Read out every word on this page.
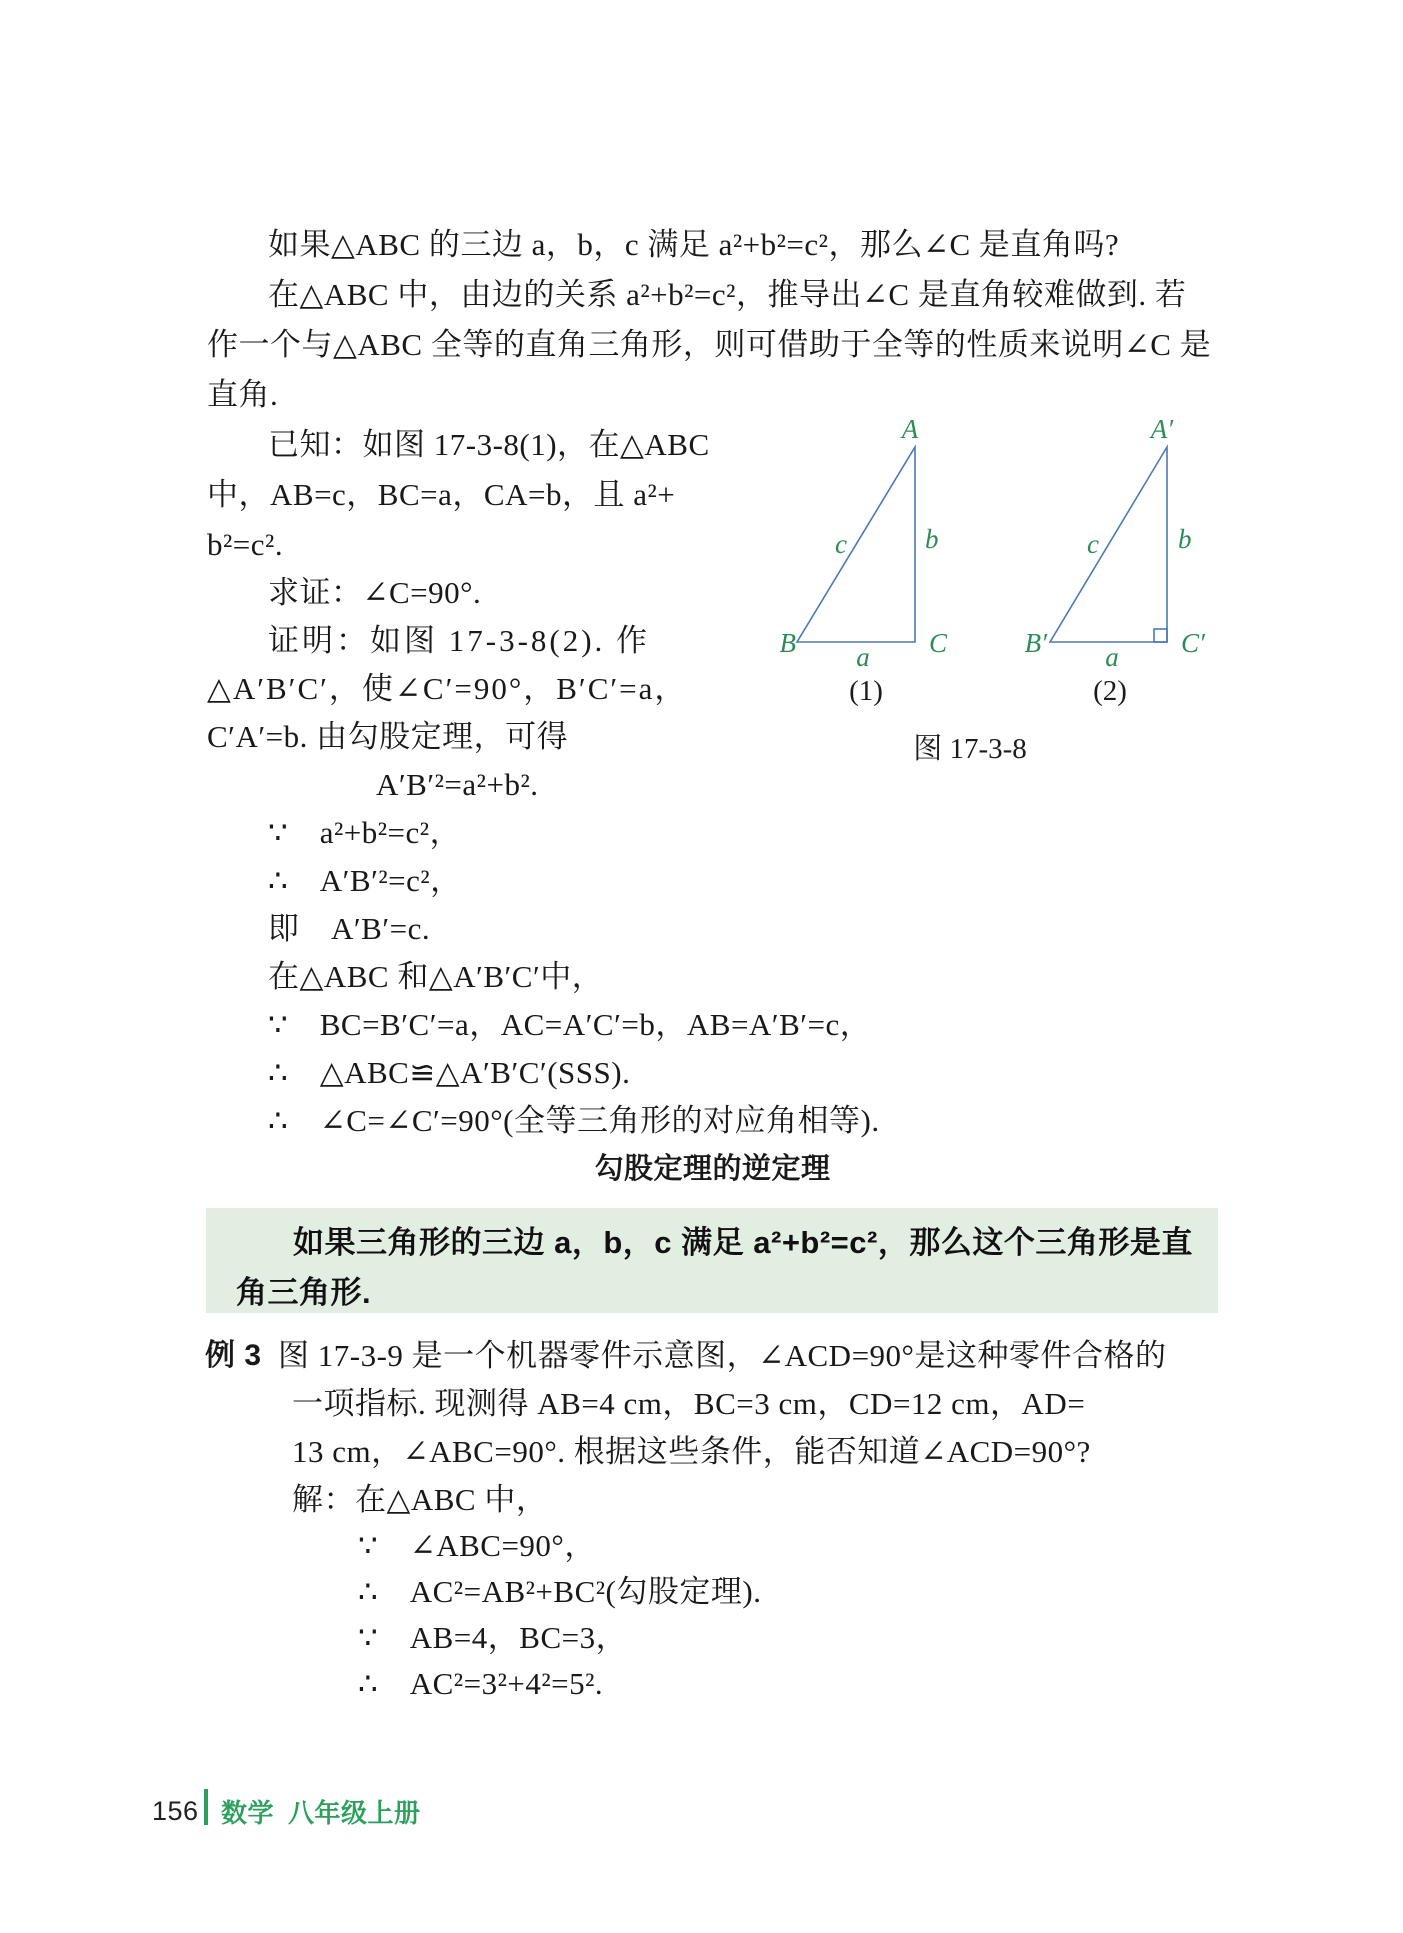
如果△ABC 的三边 a，b，c 满足 a²+b²=c²，那么∠C 是直角吗?
在△ABC 中，由边的关系 a²+b²=c²，推导出∠C 是直角较难做到. 若
作一个与△ABC 全等的直角三角形，则可借助于全等的性质来说明∠C 是
直角.
已知：如图 17-3-8(1)，在△ABC
中，AB=c，BC=a，CA=b，且 a²+
b²=c².
求证：∠C=90°.
证明：如图 17-3-8(2). 作
△A′B′C′，使∠C′=90°，B′C′=a，
C′A′=b. 由勾股定理，可得
A′B′²=a²+b².
∵　a²+b²=c²，
∴　A′B′²=c²，
即　A′B′=c.
在△ABC 和△A′B′C′中，
∵　BC=B′C′=a，AC=A′C′=b，AB=A′B′=c，
∴　△ABC≌△A′B′C′(SSS).
∴　∠C=∠C′=90°(全等三角形的对应角相等).
A
B	C
c	b
a
(1)
A′
B′	C′
c	b
a
(2)
图 17-3-8
勾股定理的逆定理
如果三角形的三边 a，b，c 满足 a²+b²=c²，那么这个三角形是直
角三角形.
例 3 图 17-3-9 是一个机器零件示意图，∠ACD=90°是这种零件合格的
一项指标. 现测得 AB=4 cm，BC=3 cm，CD=12 cm，AD=
13 cm，∠ABC=90°. 根据这些条件，能否知道∠ACD=90°?
解：在△ABC 中，
∵　∠ABC=90°，
∴　AC²=AB²+BC²(勾股定理).
∵　AB=4，BC=3，
∴　AC²=3²+4²=5².
156 数学 八年级上册
